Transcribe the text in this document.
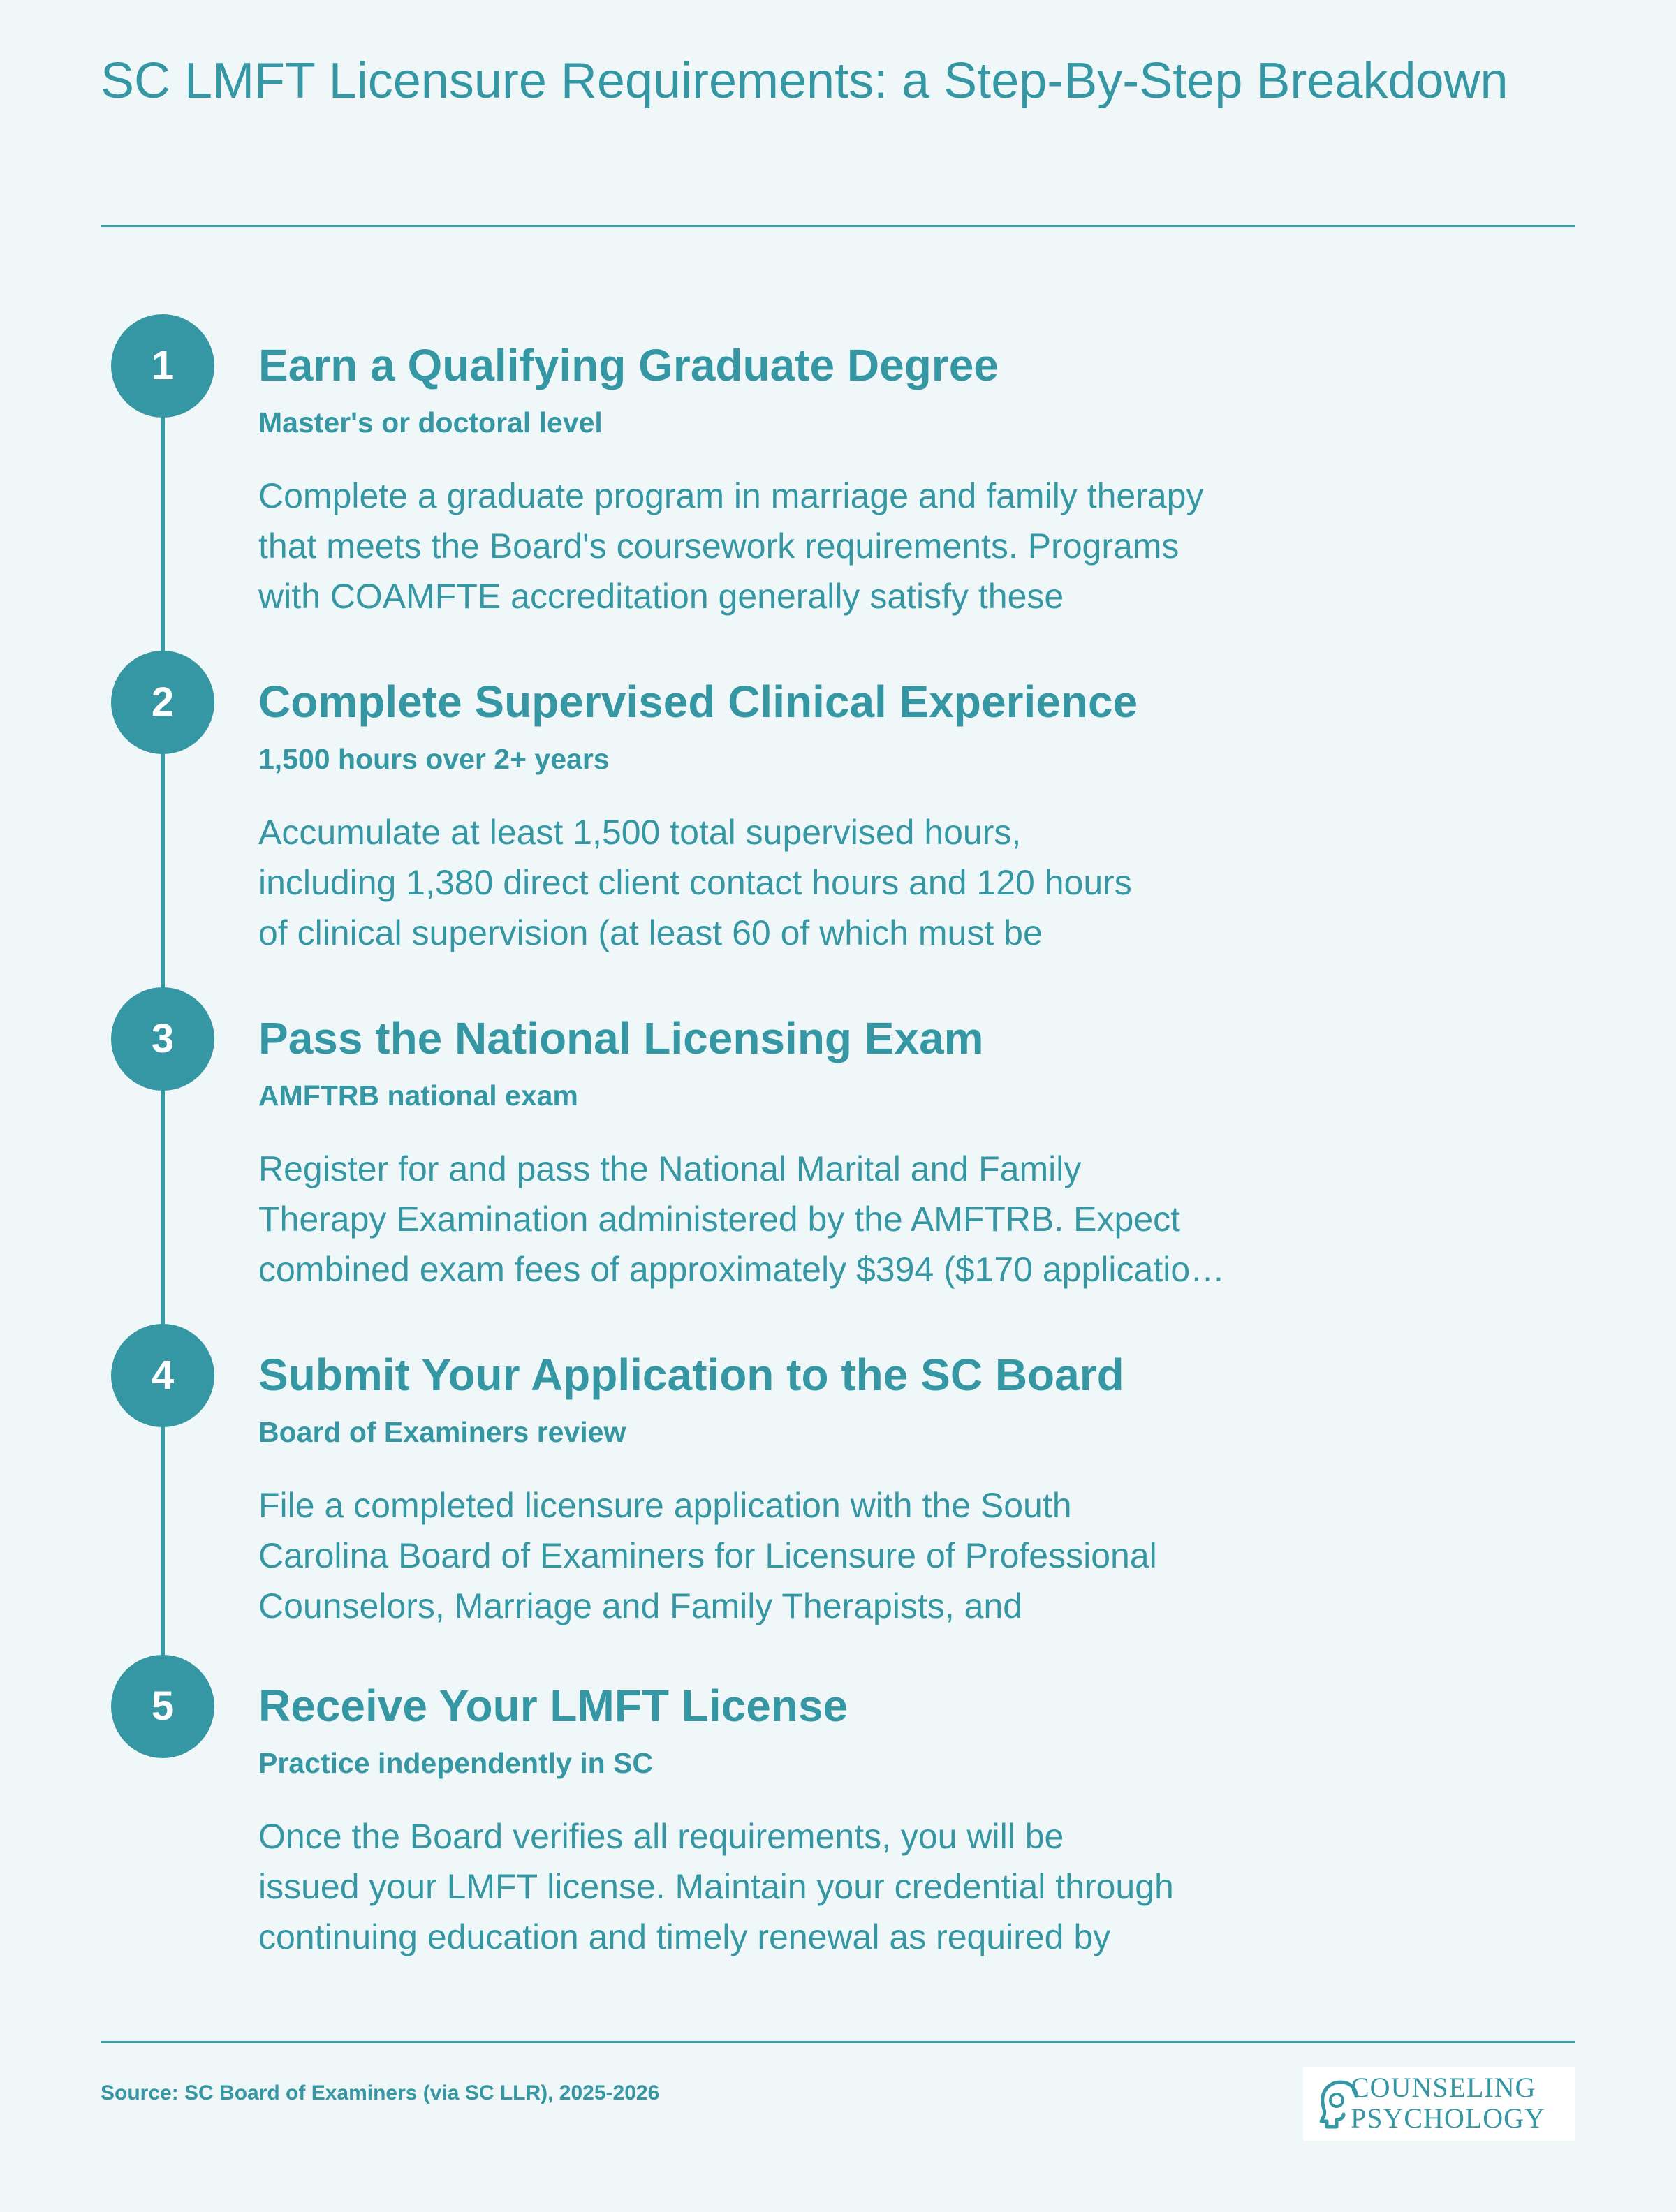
SC LMFT Licensure Requirements: a Step-By-Step Breakdown
1	Earn a Qualifying Graduate Degree
Master's or doctoral level
Complete a graduate program in marriage and family therapy
that meets the Board's coursework requirements. Programs
with COAMFTE accreditation generally satisfy these
2	Complete Supervised Clinical Experience
1,500 hours over 2+ years
Accumulate at least 1,500 total supervised hours,
including 1,380 direct client contact hours and 120 hours
of clinical supervision (at least 60 of which must be
3	Pass the National Licensing Exam
AMFTRB national exam
Register for and pass the National Marital and Family
Therapy Examination administered by the AMFTRB. Expect
combined exam fees of approximately $394 ($170 applicatio…
4	Submit Your Application to the SC Board
Board of Examiners review
File a completed licensure application with the South
Carolina Board of Examiners for Licensure of Professional
Counselors, Marriage and Family Therapists, and
5	Receive Your LMFT License
Practice independently in SC
Once the Board verifies all requirements, you will be
issued your LMFT license. Maintain your credential through
continuing education and timely renewal as required by
Source: SC Board of Examiners (via SC LLR), 2025-2026	COUNSELING
PSYCHOLOGY
